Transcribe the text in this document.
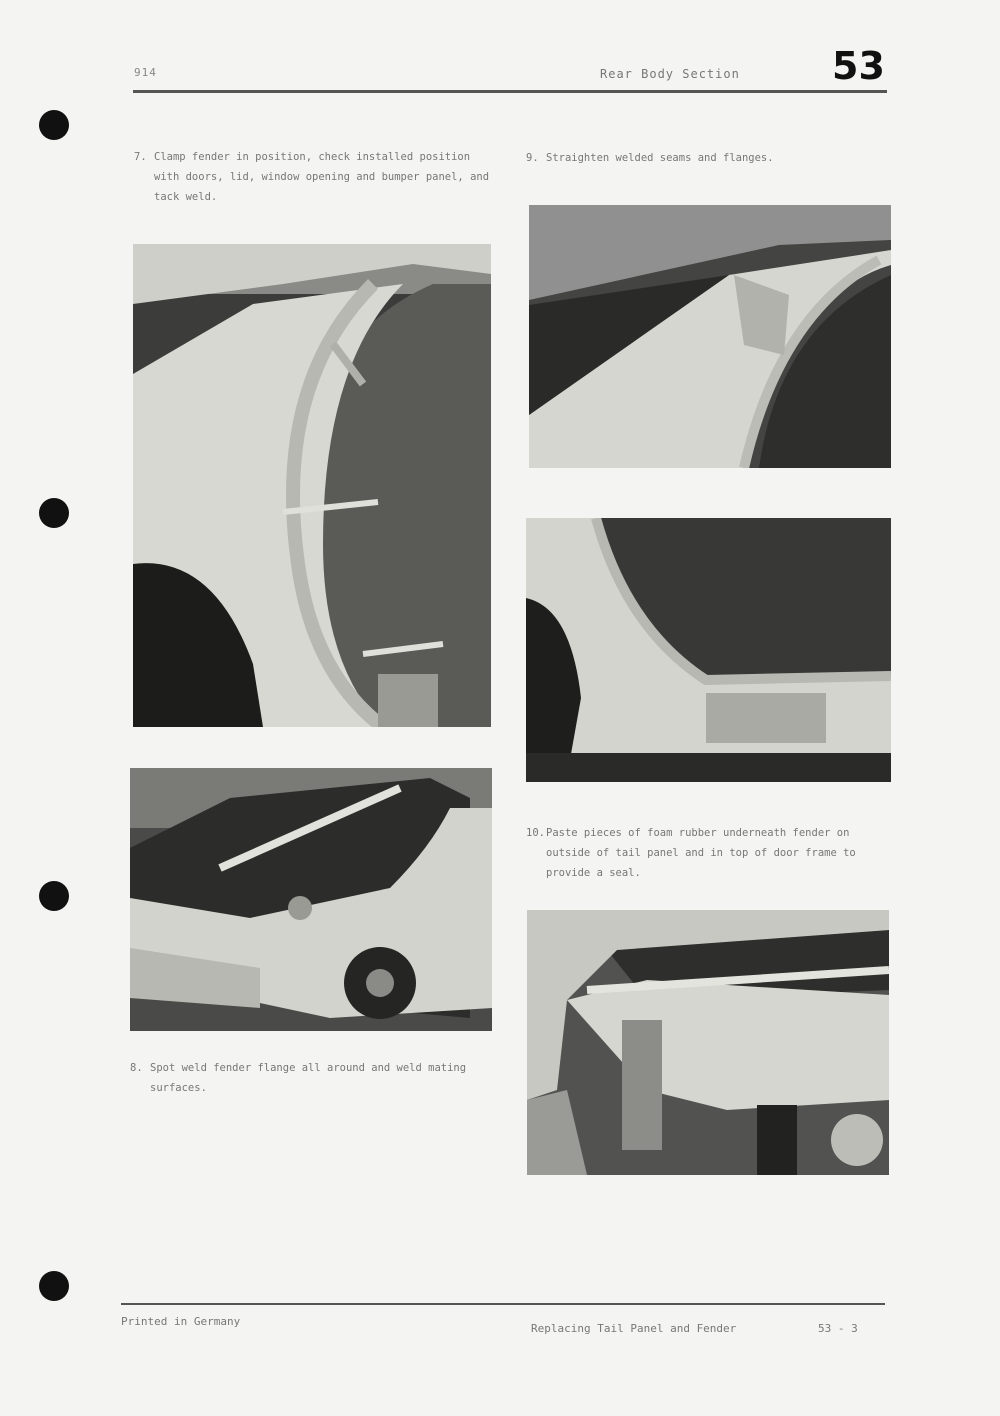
914	Rear Body Section 53
7. Clamp fender in position, check installed position with doors, lid, window opening and bumper panel, and tack weld.
9. Straighten welded seams and flanges.
10. Paste pieces of foam rubber underneath fender on outside of tail panel and in top of door frame to provide a seal.
8. Spot weld fender flange all around and weld mating surfaces.
Printed in Germany
Replacing Tail Panel and Fender	53 - 3
